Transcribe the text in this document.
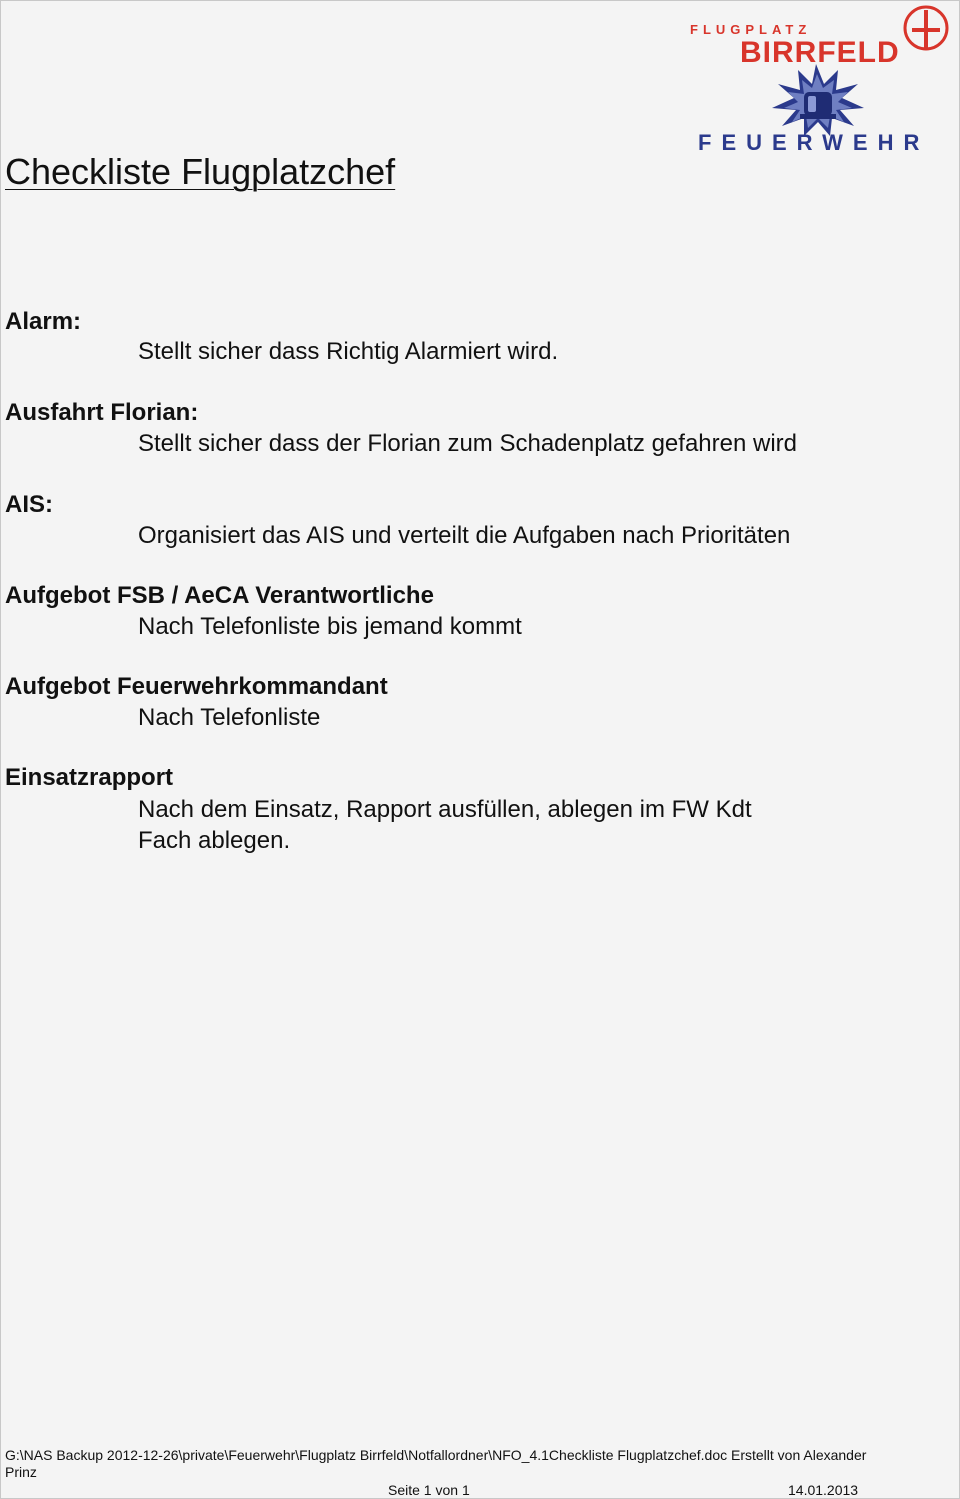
Checkliste Flugplatzchef
FLUGPLATZ
BIRRFELD
FEUERWEHR
Alarm:

Stellt sicher dass Richtig Alarmiert wird.

Ausfahrt Florian:

Stellt sicher dass der Florian zum Schadenplatz gefahren wird

AIS:

Organisiert das AIS und verteilt die Aufgaben nach Prioritäten

Aufgebot FSB / AeCA Verantwortliche

Nach Telefonliste bis jemand kommt

Aufgebot Feuerwehrkommandant

Nach Telefonliste

Einsatzrapport

Nach dem Einsatz, Rapport ausfüllen, ablegen im FW Kdt

Fach ablegen.

G:\NAS Backup 2012-12-26\private\Feuerwehr\Flugplatz Birrfeld\Notfallordner\NFO_4.1Checkliste Flugplatzchef.doc Erstellt von Alexander Prinz
Seite 1 von 1	14.01.2013
